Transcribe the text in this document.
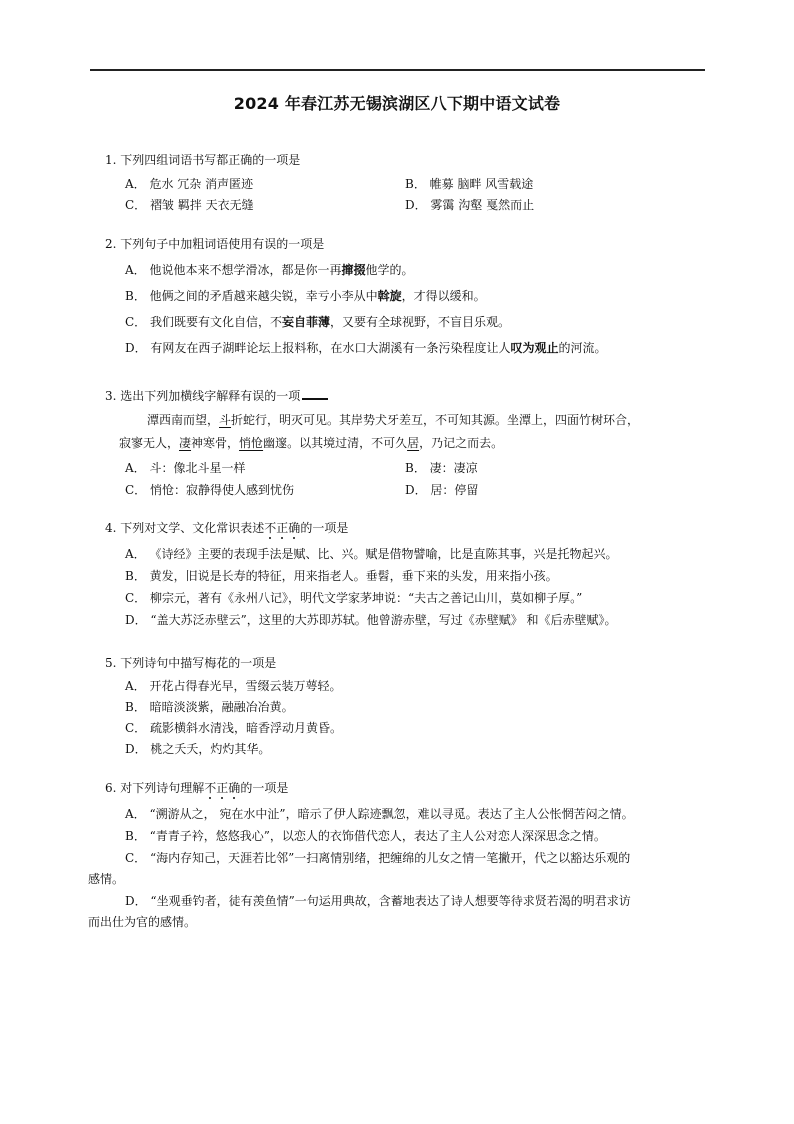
2024 年春江苏无锡滨湖区八下期中语文试卷
1. 下列四组词语书写都正确的一项是
A． 危水 冗杂 消声匿迹	B． 帷募 脑畔 风雪载途
C． 褶皱 羁拌 天衣无缝	D． 雾霭 沟壑 戛然而止
2. 下列句子中加粗词语使用有误的一项是
A． 他说他本来不想学滑冰，都是你一再撺掇他学的。
B． 他俩之间的矛盾越来越尖锐，幸亏小李从中斡旋，才得以缓和。
C． 我们既要有文化自信，不妄自菲薄，又要有全球视野，不盲目乐观。
D． 有网友在西子湖畔论坛上报料称，在水口大湖溪有一条污染程度让人叹为观止的河流。
3. 选出下列加横线字解释有误的一项
潭西南而望，斗折蛇行，明灭可见。其岸势犬牙差互，不可知其源。坐潭上，四面竹树环合，
寂寥无人，凄神寒骨，悄怆幽邃。以其境过清，不可久居，乃记之而去。
A． 斗：像北斗星一样	B． 凄：凄凉
C． 悄怆：寂静得使人感到忧伤	D． 居：停留
4. 下列对文学、文化常识表述不正确的一项是
A． 《诗经》主要的表现手法是赋、比、兴。赋是借物譬喻，比是直陈其事，兴是托物起兴。
B． 黄发，旧说是长寿的特征，用来指老人。垂髫，垂下来的头发，用来指小孩。
C． 柳宗元，著有《永州八记》，明代文学家茅坤说：“夫古之善记山川，莫如柳子厚。”
D． “盖大苏泛赤壁云”，这里的大苏即苏轼。他曾游赤壁，写过《赤壁赋》 和《后赤壁赋》。
5. 下列诗句中描写梅花的一项是
A． 开花占得春光早，雪缀云装万萼轻。
B． 暗暗淡淡紫，融融冶冶黄。
C． 疏影横斜水清浅，暗香浮动月黄昏。
D． 桃之夭夭，灼灼其华。
6. 对下列诗句理解不正确的一项是
A． “溯游从之， 宛在水中沚”，暗示了伊人踪迹飘忽，难以寻觅。表达了主人公怅惘苦闷之情。
B． “青青子衿，悠悠我心”，以恋人的衣饰借代恋人，表达了主人公对恋人深深思念之情。
C． “海内存知己，天涯若比邻”一扫离情别绪，把缠绵的儿女之情一笔撇开，代之以豁达乐观的
感情。
D． “坐观垂钓者，徒有羡鱼情”一句运用典故，含蓄地表达了诗人想要等待求贤若渴的明君求访
而出仕为官的感情。
